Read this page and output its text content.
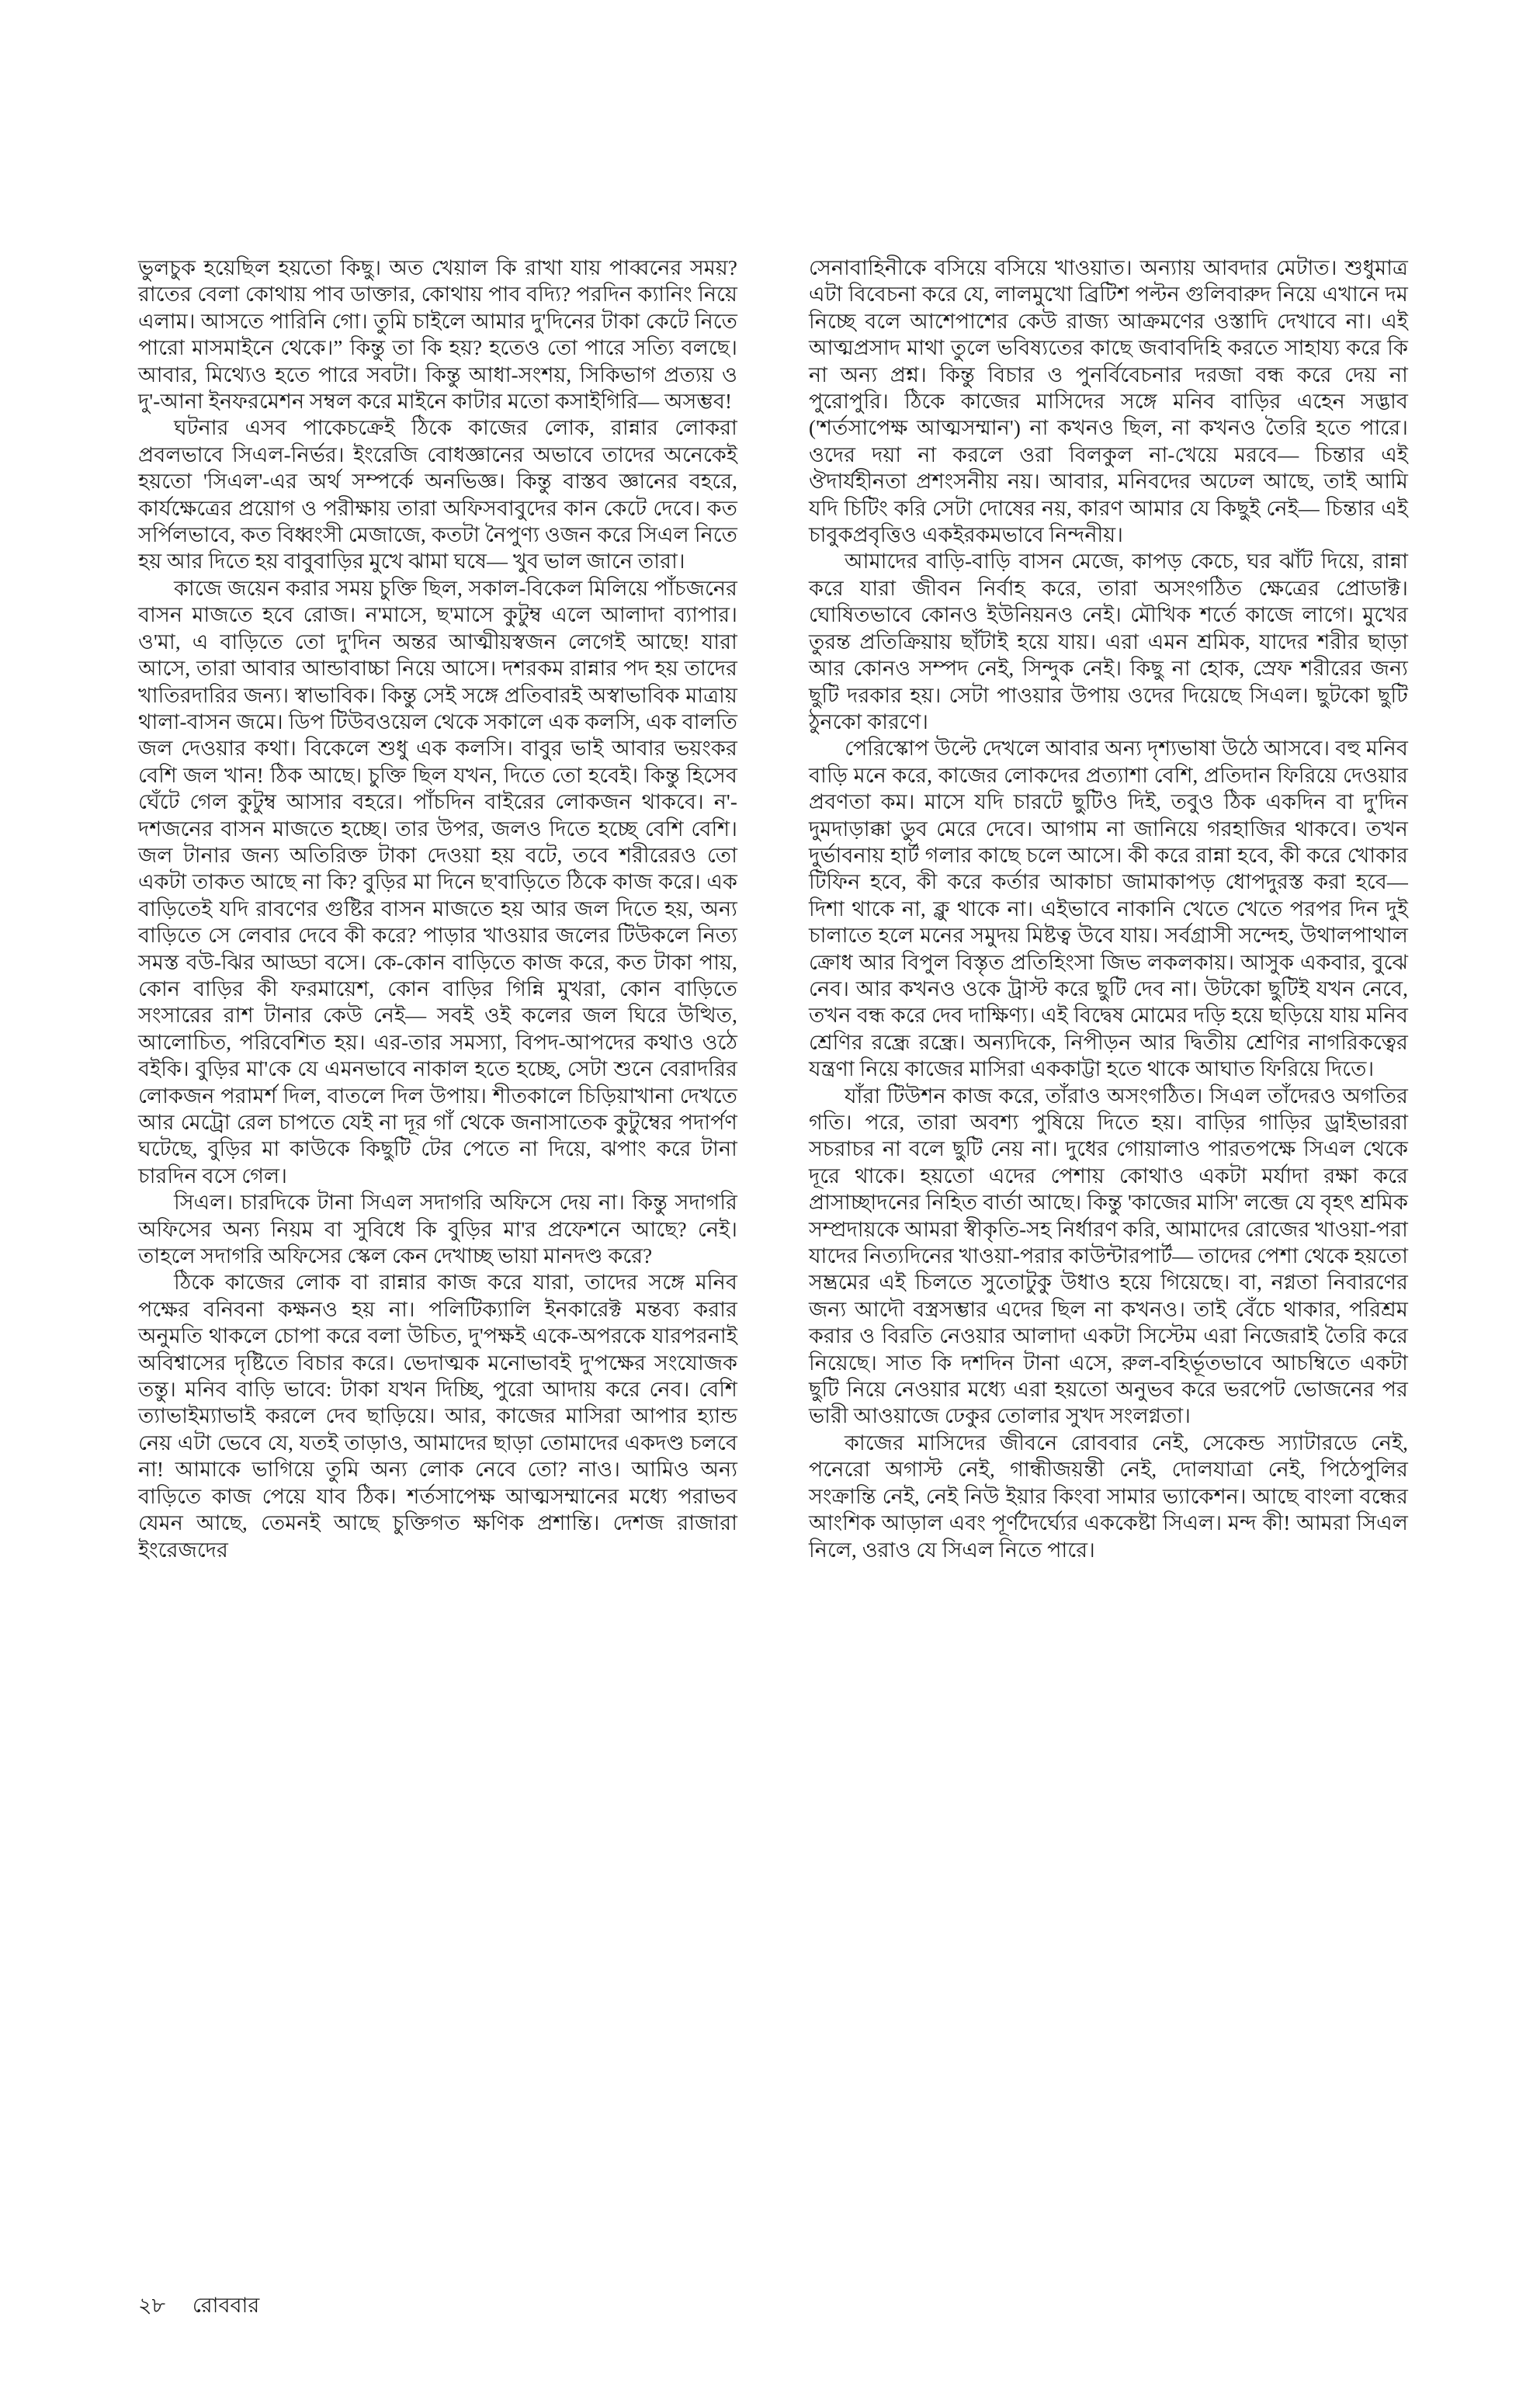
ভুলচুক হয়েছিল হয়তো কিছু। অত খেয়াল কি রাখা যায় পাব্বনের সময়? রাতের বেলা কোথায় পাব ডাক্তার, কোথায় পাব বদ্যি? পরদিন ক্যানিং নিয়ে এলাম। আসতে পারিনি গো। তুমি চাইলে আমার দু'দিনের টাকা কেটে নিতে পারো মাসমাইনে থেকে।” কিন্তু তা কি হয়? হতেও তো পারে সত্যি বলছে। আবার, মিথ্যেও হতে পারে সবটা। কিন্তু আধা-সংশয়, সিকিভাগ প্রত্যয় ও দু'-আনা ইনফরমেশন সম্বল করে মাইনে কাটার মতো কসাইগিরি— অসম্ভব!

ঘটনার এসব পাকেচক্রেই ঠিকে কাজের লোক, রান্নার লোকরা প্রবলভাবে সিএল-নির্ভর। ইংরেজি বোধজ্ঞানের অভাবে তাদের অনেকেই হয়তো 'সিএল'-এর অর্থ সম্পর্কে অনভিজ্ঞ। কিন্তু বাস্তব জ্ঞানের বহরে, কার্যক্ষেত্রের প্রয়োগ ও পরীক্ষায় তারা অফিসবাবুদের কান কেটে দেবে। কত সর্পিলভাবে, কত বিধ্বংসী মেজাজে, কতটা নৈপুণ্য ওজন করে সিএল নিতে হয় আর দিতে হয় বাবুবাড়ির মুখে ঝামা ঘষে— খুব ভাল জানে তারা।

কাজে জয়েন করার সময় চুক্তি ছিল, সকাল-বিকেল মিলিয়ে পাঁচজনের বাসন মাজতে হবে রোজ। ন'মাসে, ছ'মাসে কুটুম্ব এলে আলাদা ব্যাপার। ও'মা, এ বাড়িতে তো দু'দিন অন্তর আত্মীয়স্বজন লেগেই আছে! যারা আসে, তারা আবার আন্ডাবাচ্চা নিয়ে আসে। দশরকম রান্নার পদ হয় তাদের খাতিরদারির জন্য। স্বাভাবিক। কিন্তু সেই সঙ্গে প্রতিবারই অস্বাভাবিক মাত্রায় থালা-বাসন জমে। ডিপ টিউবওয়েল থেকে সকালে এক কলসি, এক বালতি জল দেওয়ার কথা। বিকেলে শুধু এক কলসি। বাবুর ভাই আবার ভয়ংকর বেশি জল খান! ঠিক আছে। চুক্তি ছিল যখন, দিতে তো হবেই। কিন্তু হিসেব ঘেঁটে গেল কুটুম্ব আসার বহরে। পাঁচদিন বাইরের লোকজন থাকবে। ন'-দশজনের বাসন মাজতে হচ্ছে। তার উপর, জলও দিতে হচ্ছে বেশি বেশি। জল টানার জন্য অতিরিক্ত টাকা দেওয়া হয় বটে, তবে শরীরেরও তো একটা তাকত আছে না কি? বুড়ির মা দিনে ছ'বাড়িতে ঠিকে কাজ করে। এক বাড়িতেই যদি রাবণের গুষ্টির বাসন মাজতে হয় আর জল দিতে হয়, অন্য বাড়িতে সে লেবার দেবে কী করে? পাড়ার খাওয়ার জলের টিউকলে নিত্য সমস্ত বউ-ঝির আড্ডা বসে। কে-কোন বাড়িতে কাজ করে, কত টাকা পায়, কোন বাড়ির কী ফরমায়েশ, কোন বাড়ির গিন্নি মুখরা, কোন বাড়িতে সংসারের রাশ টানার কেউ নেই— সবই ওই কলের জল ঘিরে উত্থিত, আলোচিত, পরিবেশিত হয়। এর-তার সমস্যা, বিপদ-আপদের কথাও ওঠে বইকি। বুড়ির মা'কে যে এমনভাবে নাকাল হতে হচ্ছে, সেটা শুনে বেরাদরির লোকজন পরামর্শ দিল, বাতলে দিল উপায়। শীতকালে চিড়িয়াখানা দেখতে আর মেট্রো রেল চাপতে যেই না দূর গাঁ থেকে জনাসাতেক কুটুম্বের পদার্পণ ঘটেছে, বুড়ির মা কাউকে কিছুটি টের পেতে না দিয়ে, ঝপাং করে টানা চারদিন বসে গেল।

সিএল। চারদিকে টানা সিএল সদাগরি অফিসে দেয় না। কিন্তু সদাগরি অফিসের অন্য নিয়ম বা সুবিধে কি বুড়ির মা'র প্রফেশনে আছে? নেই। তাহলে সদাগরি অফিসের স্কেল কেন দেখাচ্ছ ভায়া মানদণ্ড করে?

ঠিকে কাজের লোক বা রান্নার কাজ করে যারা, তাদের সঙ্গে মনিব পক্ষের বনিবনা কক্ষনও হয় না। পলিটিক্যালি ইনকারেক্ট মন্তব্য করার অনুমতি থাকলে চোপা করে বলা উচিত, দু'পক্ষই একে-অপরকে যারপরনাই অবিশ্বাসের দৃষ্টিতে বিচার করে। ভেদাত্মক মনোভাবই দু'পক্ষের সংযোজক তন্তু। মনিব বাড়ি ভাবে: টাকা যখন দিচ্ছি, পুরো আদায় করে নেব। বেশি ত্যাভাইম্যাভাই করলে দেব ছাড়িয়ে। আর, কাজের মাসিরা আপার হ্যান্ড নেয় এটা ভেবে যে, যতই তাড়াও, আমাদের ছাড়া তোমাদের একদণ্ড চলবে না! আমাকে ভাগিয়ে তুমি অন্য লোক নেবে তো? নাও। আমিও অন্য বাড়িতে কাজ পেয়ে যাব ঠিক। শর্তসাপেক্ষ আত্মসম্মানের মধ্যে পরাভব যেমন আছে, তেমনই আছে চুক্তিগত ক্ষণিক প্রশান্তি। দেশজ রাজারা ইংরেজদের

সেনাবাহিনীকে বসিয়ে বসিয়ে খাওয়াত। অন্যায় আবদার মেটাত। শুধুমাত্র এটা বিবেচনা করে যে, লালমুখো ব্রিটিশ পল্টন গুলিবারুদ নিয়ে এখানে দম নিচ্ছে বলে আশেপাশের কেউ রাজ্য আক্রমণের ওস্তাদি দেখাবে না। এই আত্মপ্রসাদ মাথা তুলে ভবিষ্যতের কাছে জবাবদিহি করতে সাহায্য করে কি না অন্য প্রশ্ন। কিন্তু বিচার ও পুনর্বিবেচনার দরজা বন্ধ করে দেয় না পুরোপুরি। ঠিকে কাজের মাসিদের সঙ্গে মনিব বাড়ির এহেন সদ্ভাব ('শর্তসাপেক্ষ আত্মসম্মান') না কখনও ছিল, না কখনও তৈরি হতে পারে। ওদের দয়া না করলে ওরা বিলকুল না-খেয়ে মরবে— চিন্তার এই ঔদার্যহীনতা প্রশংসনীয় নয়। আবার, মনিবদের অঢেল আছে, তাই আমি যদি চিটিং করি সেটা দোষের নয়, কারণ আমার যে কিছুই নেই— চিন্তার এই চাবুকপ্রবৃত্তিও একইরকমভাবে নিন্দনীয়।

আমাদের বাড়ি-বাড়ি বাসন মেজে, কাপড় কেচে, ঘর ঝাঁট দিয়ে, রান্না করে যারা জীবন নির্বাহ করে, তারা অসংগঠিত ক্ষেত্রের প্রোডাক্ট। ঘোষিতভাবে কোনও ইউনিয়নও নেই। মৌখিক শর্তে কাজে লাগে। মুখের তুরন্ত প্রতিক্রিয়ায় ছাঁটাই হয়ে যায়। এরা এমন শ্রমিক, যাদের শরীর ছাড়া আর কোনও সম্পদ নেই, সিন্দুক নেই। কিছু না হোক, স্রেফ শরীরের জন্য ছুটি দরকার হয়। সেটা পাওয়ার উপায় ওদের দিয়েছে সিএল। ছুটকো ছুটি ঠুনকো কারণে।

পেরিস্কোপ উল্টে দেখলে আবার অন্য দৃশ্যভাষা উঠে আসবে। বহু মনিব বাড়ি মনে করে, কাজের লোকদের প্রত্যাশা বেশি, প্রতিদান ফিরিয়ে দেওয়ার প্রবণতা কম। মাসে যদি চারটে ছুটিও দিই, তবুও ঠিক একদিন বা দু'দিন দুমদাড়াক্কা ডুব মেরে দেবে। আগাম না জানিয়ে গরহাজির থাকবে। তখন দুর্ভাবনায় হার্ট গলার কাছে চলে আসে। কী করে রান্না হবে, কী করে খোকার টিফিন হবে, কী করে কর্তার আকাচা জামাকাপড় ধোপদুরস্ত করা হবে— দিশা থাকে না, ক্লু থাকে না। এইভাবে নাকানি খেতে খেতে পরপর দিন দুই চালাতে হলে মনের সমুদয় মিষ্টত্ব উবে যায়। সর্বগ্রাসী সন্দেহ, উথালপাথাল ক্রোধ আর বিপুল বিস্তৃত প্রতিহিংসা জিভ লকলকায়। আসুক একবার, বুঝে নেব। আর কখনও ওকে ট্রাস্ট করে ছুটি দেব না। উটকো ছুটিই যখন নেবে, তখন বন্ধ করে দেব দাক্ষিণ্য। এই বিদ্বেষ মোমের দড়ি হয়ে ছড়িয়ে যায় মনিব শ্রেণির রন্ধ্রে রন্ধ্রে। অন্যদিকে, নিপীড়ন আর দ্বিতীয় শ্রেণির নাগরিকত্বের যন্ত্রণা নিয়ে কাজের মাসিরা এককাট্টা হতে থাকে আঘাত ফিরিয়ে দিতে।

যাঁরা টিউশন কাজ করে, তাঁরাও অসংগঠিত। সিএল তাঁদেরও অগতির গতি। পরে, তারা অবশ্য পুষিয়ে দিতে হয়। বাড়ির গাড়ির ড্রাইভাররা সচরাচর না বলে ছুটি নেয় না। দুধের গোয়ালাও পারতপক্ষে সিএল থেকে দূরে থাকে। হয়তো এদের পেশায় কোথাও একটা মর্যাদা রক্ষা করে প্রাসাচ্ছাদনের নিহিত বার্তা আছে। কিন্তু 'কাজের মাসি' লব্জে যে বৃহৎ শ্রমিক সম্প্রদায়কে আমরা স্বীকৃতি-সহ নির্ধারণ করি, আমাদের রোজের খাওয়া-পরা যাদের নিত্যদিনের খাওয়া-পরার কাউন্টারপার্ট— তাদের পেশা থেকে হয়তো সম্ভ্রমের এই চিলতে সুতোটুকু উধাও হয়ে গিয়েছে। বা, নগ্নতা নিবারণের জন্য আদৌ বস্ত্রসম্ভার এদের ছিল না কখনও। তাই বেঁচে থাকার, পরিশ্রম করার ও বিরতি নেওয়ার আলাদা একটা সিস্টেম এরা নিজেরাই তৈরি করে নিয়েছে। সাত কি দশদিন টানা এসে, রুল-বহির্ভূতভাবে আচম্বিতে একটা ছুটি নিয়ে নেওয়ার মধ্যে এরা হয়তো অনুভব করে ভরপেট ভোজনের পর ভারী আওয়াজে ঢেকুর তোলার সুখদ সংলগ্নতা।

কাজের মাসিদের জীবনে রোববার নেই, সেকেন্ড স্যাটারডে নেই, পনেরো অগাস্ট নেই, গান্ধীজয়ন্তী নেই, দোলযাত্রা নেই, পিঠেপুলির সংক্রান্তি নেই, নেই নিউ ইয়ার কিংবা সামার ভ্যাকেশন। আছে বাংলা বন্ধের আংশিক আড়াল এবং পূর্ণদৈর্ঘ্যের এককেষ্টা সিএল। মন্দ কী! আমরা সিএল নিলে, ওরাও যে সিএল নিতে পারে।

২৮ রোববার
